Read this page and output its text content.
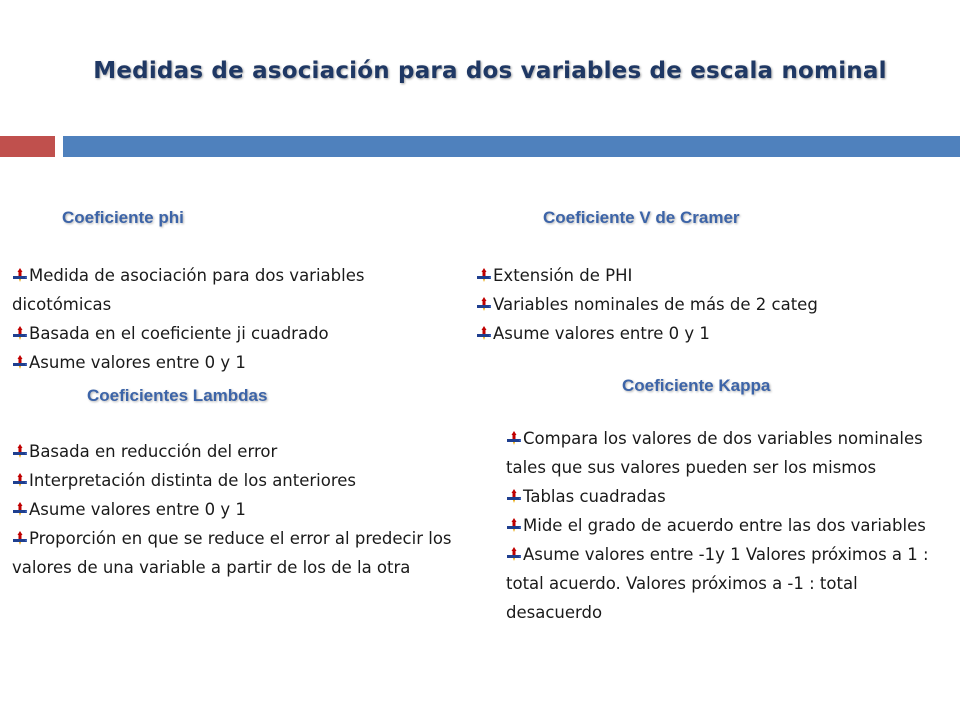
Medidas de asociación para dos variables de escala nominal
Coeficiente phi
Medida de asociación para dos variables dicotómicas
Basada en el coeficiente ji cuadrado
Asume valores entre 0 y 1
Coeficiente V de Cramer
Extensión de PHI
Variables nominales de más de 2 categ
Asume valores entre 0 y 1
Coeficientes Lambdas
Basada en reducción del error
Interpretación distinta de los anteriores
Asume valores entre 0 y 1
Proporción en que se reduce el error al predecir los valores de una variable a partir de los de la otra
Coeficiente Kappa
Compara los valores de dos variables nominales tales que sus valores pueden ser los mismos
Tablas cuadradas
Mide el grado de acuerdo entre las dos variables
Asume valores entre -1y 1 Valores próximos a 1 : total acuerdo. Valores próximos a -1 : total desacuerdo
